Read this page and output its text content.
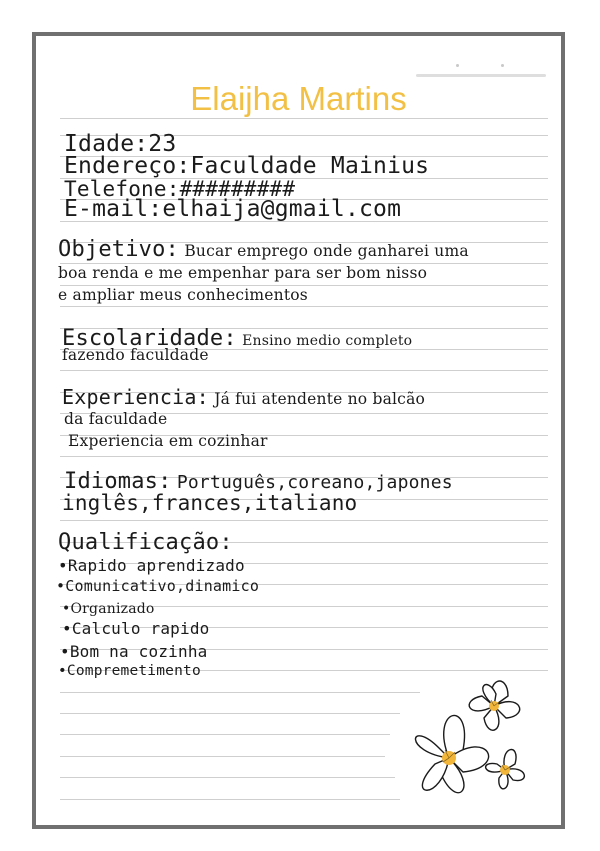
Elaijha Martins
Idade:23
Endereço:Faculdade Mainius
Telefone:#########
E-mail:elhaija@gmail.com
Objetivo: Bucar emprego onde ganharei uma
boa renda e me empenhar para ser bom nisso
e ampliar meus conhecimentos
Escolaridade: Ensino medio completo
fazendo faculdade
Experiencia: Já fui atendente no balcão
da faculdade
Experiencia em cozinhar
Idiomas: Português,coreano,japones
inglês,frances,italiano
Qualificação:
•Rapido aprendizado
•Comunicativo,dinamico
•Organizado
•Calculo rapido
•Bom na cozinha
•Compremetimento
